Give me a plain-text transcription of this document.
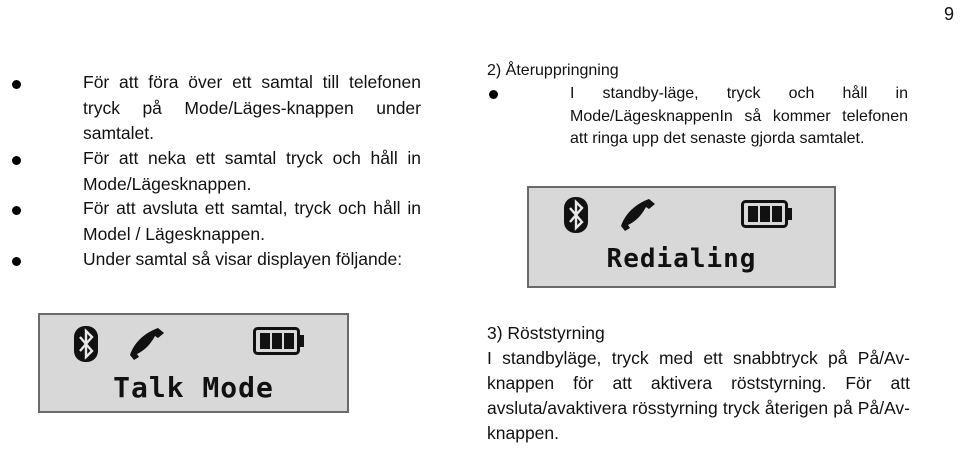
9

För att föra över ett samtal till telefonen tryck på Mode/Läges-knappen under samtalet.

För att neka ett samtal tryck och håll in Mode/Lägesknappen.

För att avsluta ett samtal, tryck och håll in Model / Lägesknappen.

Under samtal så visar displayen följande:

Talk Mode

2) Återuppringning

I standby-läge, tryck och håll in Mode/LägesknappenIn så kommer telefonen att ringa upp det senaste gjorda samtalet.

Redialing

3) Röststyrning

I standbyläge, tryck med ett snabbtryck på På/Av-knappen för att aktivera röststyrning. För att avsluta/avaktivera rösstyrning tryck återigen på På/Av-knappen.
